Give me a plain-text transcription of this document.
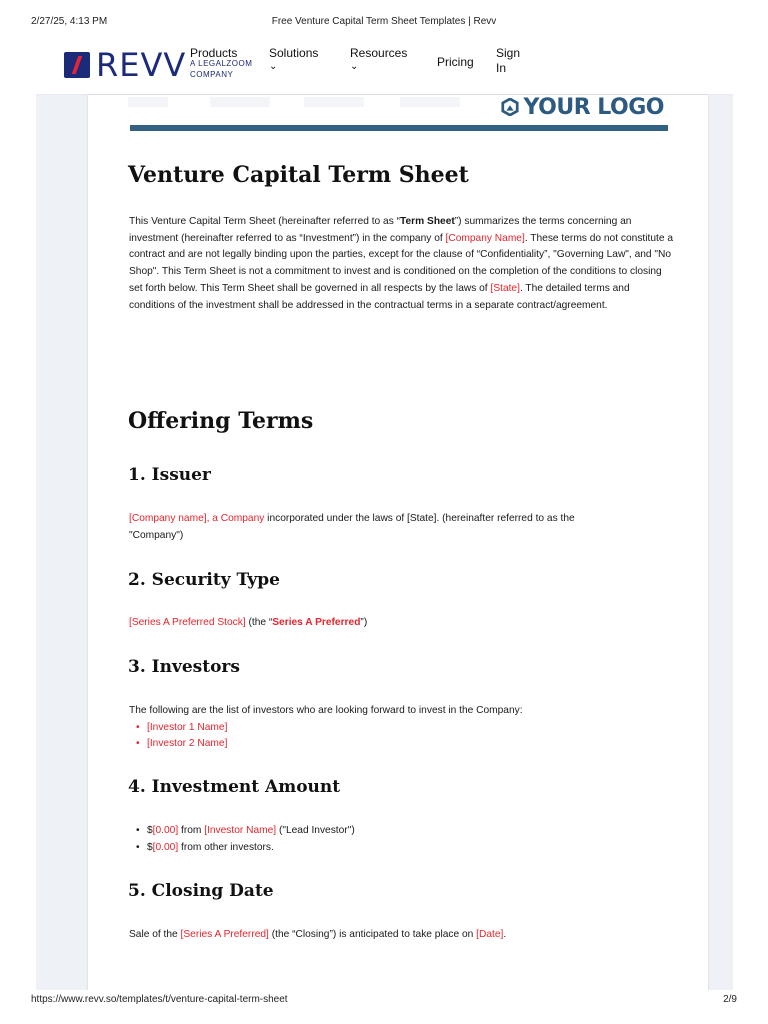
2/27/25, 4:13 PM	Free Venture Capital Term Sheet Templates | Revv
REVV Products
A LEGALZOOM COMPANY
Solutions
⌄
Resources
⌄	Pricing
Sign In
YOUR LOGO
Venture Capital Term Sheet
This Venture Capital Term Sheet (hereinafter referred to as “Term Sheet”) summarizes the terms concerning an investment (hereinafter referred to as “Investment”) in the company of [Company Name]. These terms do not constitute a contract and are not legally binding upon the parties, except for the clause of “Confidentiality”, "Governing Law", and "No Shop". This Term Sheet is not a commitment to invest and is conditioned on the completion of the conditions to closing set forth below. This Term Sheet shall be governed in all respects by the laws of [State]. The detailed terms and conditions of the investment shall be addressed in the contractual terms in a separate contract/agreement.
Offering Terms
1. Issuer
[Company name], a Company incorporated under the laws of [State]. (hereinafter referred to as the "Company")
2. Security Type
[Series A Preferred Stock] (the “Series A Preferred”)
3. Investors
The following are the list of investors who are looking forward to invest in the Company:
• [Investor 1 Name]
• [Investor 2 Name]
4. Investment Amount
• $[0.00] from [Investor Name] ("Lead Investor")
• $[0.00] from other investors.
5. Closing Date
Sale of the [Series A Preferred] (the “Closing”) is anticipated to take place on [Date].
https://www.revv.so/templates/t/venture-capital-term-sheet	2/9
